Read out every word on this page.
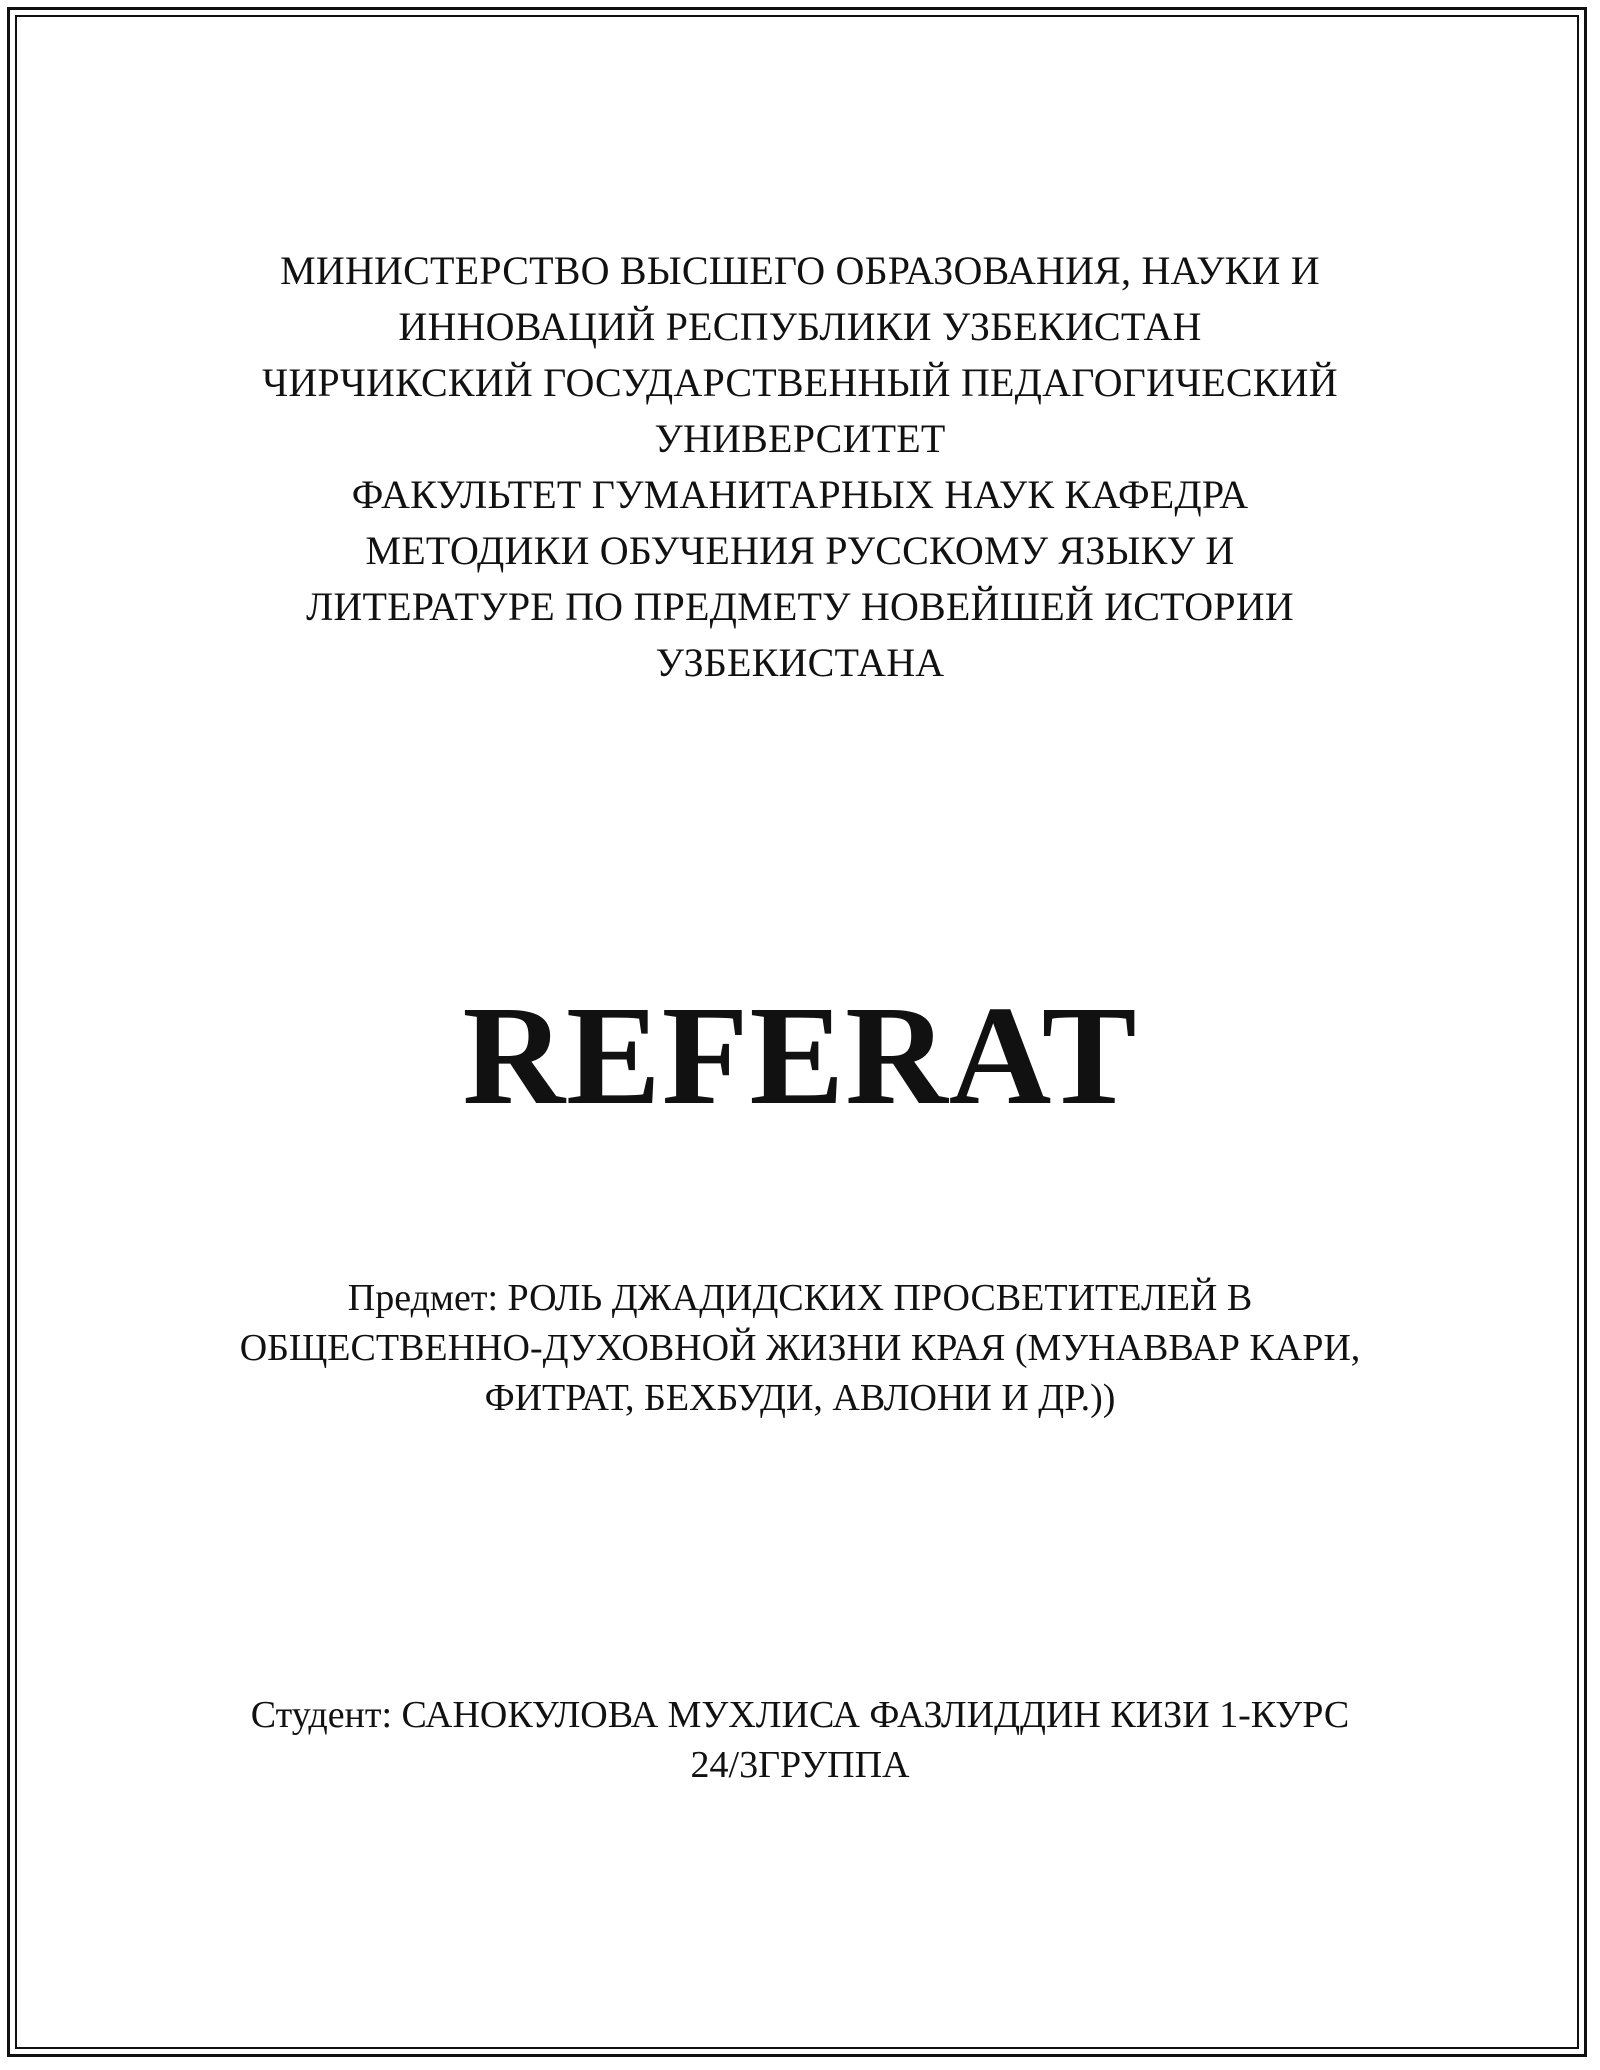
МИНИСТЕРСТВО ВЫСШЕГО ОБРАЗОВАНИЯ, НАУКИ И
ИННОВАЦИЙ РЕСПУБЛИКИ УЗБЕКИСТАН
ЧИРЧИКСКИЙ ГОСУДАРСТВЕННЫЙ ПЕДАГОГИЧЕСКИЙ
УНИВЕРСИТЕТ
ФАКУЛЬТЕТ ГУМАНИТАРНЫХ НАУК КАФЕДРА
МЕТОДИКИ ОБУЧЕНИЯ РУССКОМУ ЯЗЫКУ И
ЛИТЕРАТУРЕ ПО ПРЕДМЕТУ НОВЕЙШЕЙ ИСТОРИИ
УЗБЕКИСТАНА
REFERAT
Предмет: РОЛЬ ДЖАДИДСКИХ ПРОСВЕТИТЕЛЕЙ В
ОБЩЕСТВЕННО-ДУХОВНОЙ ЖИЗНИ КРАЯ (МУНАВВАР КАРИ,
ФИТРАТ, БЕХБУДИ, АВЛОНИ И ДР.))
Студент: САНОКУЛОВА МУХЛИСА ФАЗЛИДДИН КИЗИ 1-КУРС
24/3ГРУППА
